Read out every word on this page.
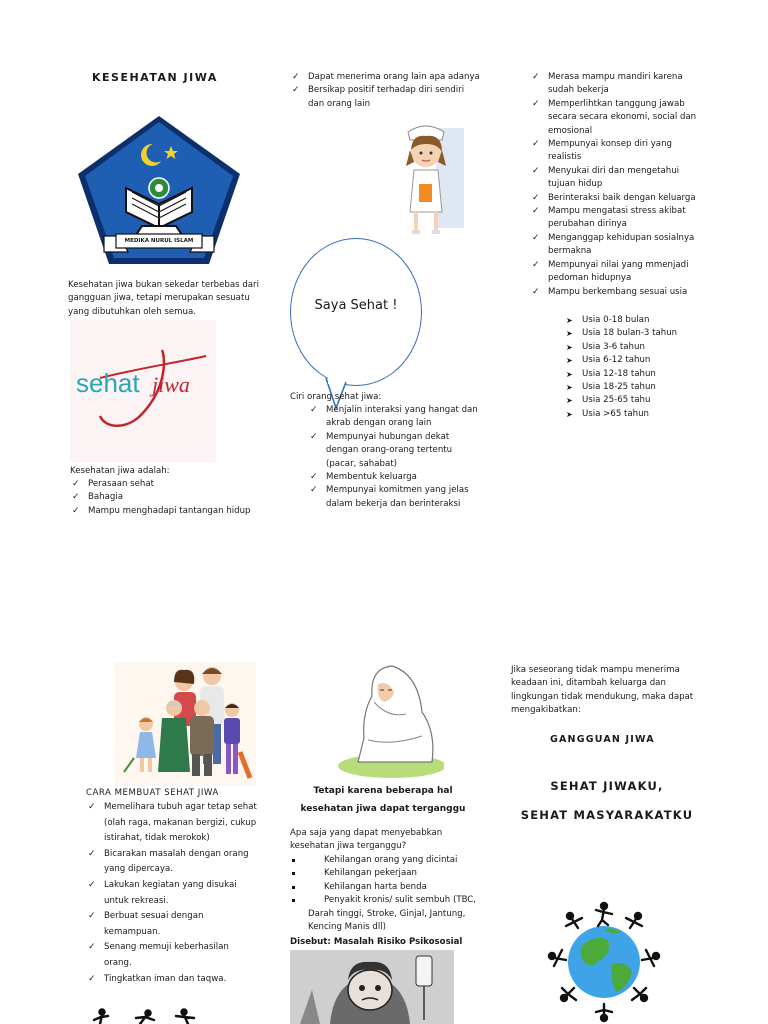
KESEHATAN JIWA
MEDIKA NURUL ISLAM
Kesehatan jiwa bukan sekedar terbebas dari gangguan jiwa, tetapi merupakan sesuatu yang dibutuhkan oleh semua.
sehat jiwa
Kesehatan jiwa adalah:
✓ Perasaan sehat
✓ Bahagia
✓ Mampu menghadapi tantangan hidup
✓ Dapat menerima orang lain apa adanya
✓ Bersikap positif terhadap diri sendiri dan orang lain
Saya Sehat !
Ciri orang sehat jiwa:
✓ Menjalin interaksi yang hangat dan akrab dengan orang lain
✓ Mempunyai hubungan dekat dengan orang-orang tertentu (pacar, sahabat)
✓ Membentuk keluarga
✓ Mempunyai komitmen yang jelas dalam bekerja dan berinteraksi
✓ Merasa mampu mandiri karena sudah bekerja
✓ Memperlihtkan tanggung jawab secara secara ekonomi, social dan emosional
✓ Mempunyai konsep diri yang realistis
✓ Menyukai diri dan mengetahui tujuan hidup
✓ Berinteraksi baik dengan keluarga
✓ Mampu mengatasi stress akibat perubahan dirinya
✓ Menganggap kehidupan sosialnya bermakna
✓ Mempunyai nilai yang mmenjadi pedoman hidupnya
✓ Mampu berkembang sesuai usia
➤ Usia 0-18 bulan
➤ Usia 18 bulan-3 tahun
➤ Usia 3-6 tahun
➤ Usia 6-12 tahun
➤ Usia 12-18 tahun
➤ Usia 18-25 tahun
➤ Usia 25-65 tahu
➤ Usia >65 tahun
CARA MEMBUAT SEHAT JIWA
✓ Memelihara tubuh agar tetap sehat (olah raga, makanan bergizi, cukup istirahat, tidak merokok)
✓ Bicarakan masalah dengan orang yang dipercaya.
✓ Lakukan kegiatan yang disukai untuk rekreasi.
✓ Berbuat sesuai dengan kemampuan.
✓ Senang memuji keberhasilan orang.
✓ Tingkatkan iman dan taqwa.
Tetapi karena beberapa hal kesehatan jiwa dapat terganggu
Apa saja yang dapat menyebabkan kesehatan jiwa terganggu?
Kehilangan orang yang dicintai
Kehilangan pekerjaan
Kehilangan harta benda
Penyakit kronis/ sulit sembuh (TBC, Darah tinggi, Stroke, Ginjal, Jantung, Kencing Manis dll)
Disebut: Masalah Risiko Psikososial
Jika seseorang tidak mampu menerima keadaan ini, ditambah keluarga dan lingkungan tidak mendukung, maka dapat mengakibatkan:
GANGGUAN JIWA
SEHAT JIWAKU,
SEHAT MASYARAKATKU
